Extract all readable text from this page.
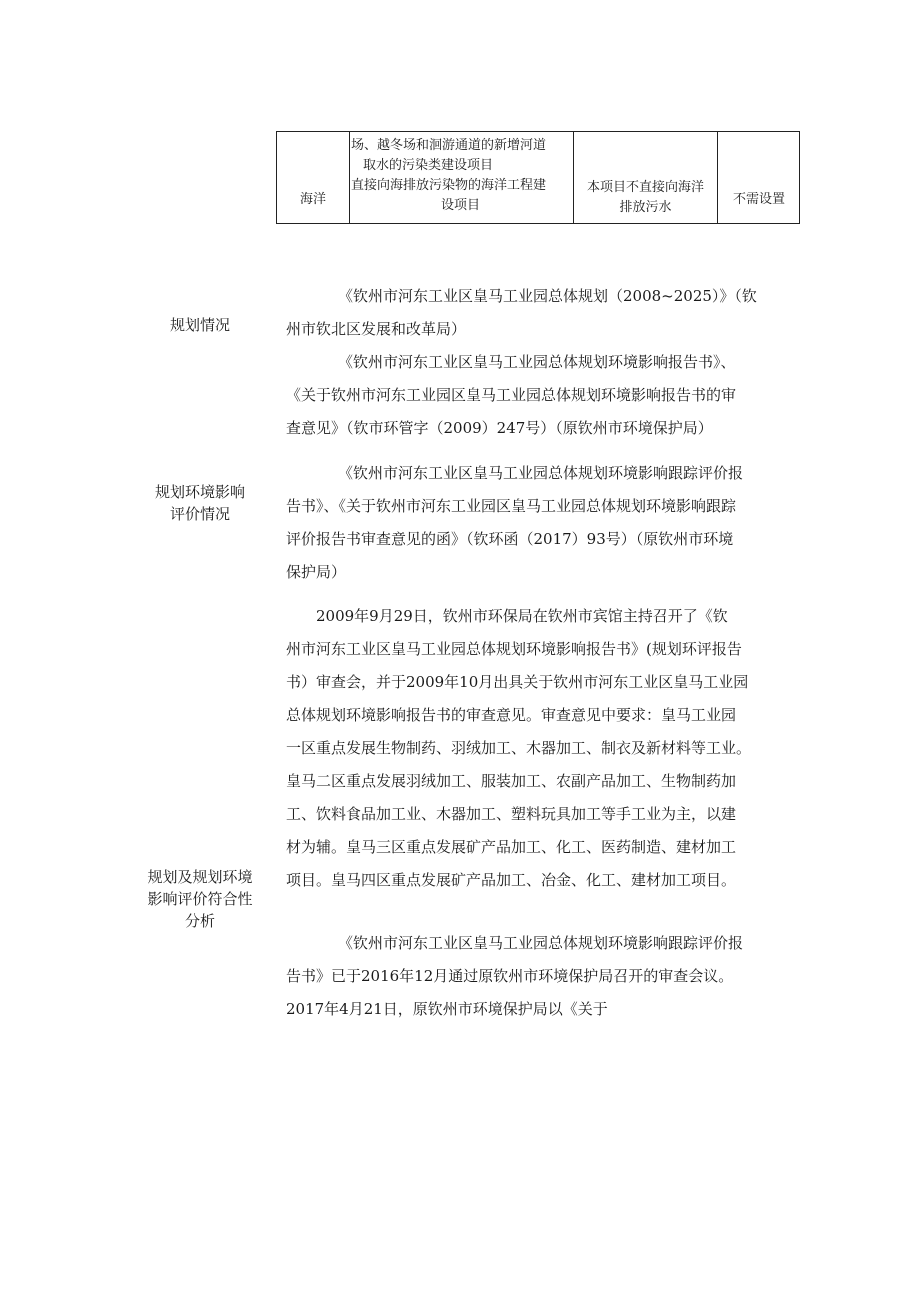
海洋
场、越冬场和洄游通道的新增河道
取水的污染类建设项目
直接向海排放污染物的海洋工程建
设项目
本项目不直接向海洋
排放污水
不需设置
规划情况
规划环境影响
评价情况
规划及规划环境
影响评价符合性
分析
《钦州市河东工业区皇马工业园总体规划（2008~2025）》（钦
州市钦北区发展和改革局）
《钦州市河东工业区皇马工业园总体规划环境影响报告书》、
《关于钦州市河东工业园区皇马工业园总体规划环境影响报告书的审
查意见》（钦市环管字（2009）247号）（原钦州市环境保护局）
《钦州市河东工业区皇马工业园总体规划环境影响跟踪评价报
告书》、《关于钦州市河东工业园区皇马工业园总体规划环境影响跟踪
评价报告书审查意见的函》（钦环函（2017）93号）（原钦州市环境
保护局）
2009年9月29日，钦州市环保局在钦州市宾馆主持召开了《钦
州市河东工业区皇马工业园总体规划环境影响报告书》(规划环评报告
书）审查会，并于2009年10月出具关于钦州市河东工业区皇马工业园
总体规划环境影响报告书的审查意见。审查意见中要求：皇马工业园
一区重点发展生物制药、羽绒加工、木器加工、制衣及新材料等工业。
皇马二区重点发展羽绒加工、服装加工、农副产品加工、生物制药加
工、饮料食品加工业、木器加工、塑料玩具加工等手工业为主，以建
材为辅。皇马三区重点发展矿产品加工、化工、医药制造、建材加工
项目。皇马四区重点发展矿产品加工、冶金、化工、建材加工项目。
《钦州市河东工业区皇马工业园总体规划环境影响跟踪评价报
告书》已于2016年12月通过原钦州市环境保护局召开的审查会议。
2017年4月21日，原钦州市环境保护局以《关于
